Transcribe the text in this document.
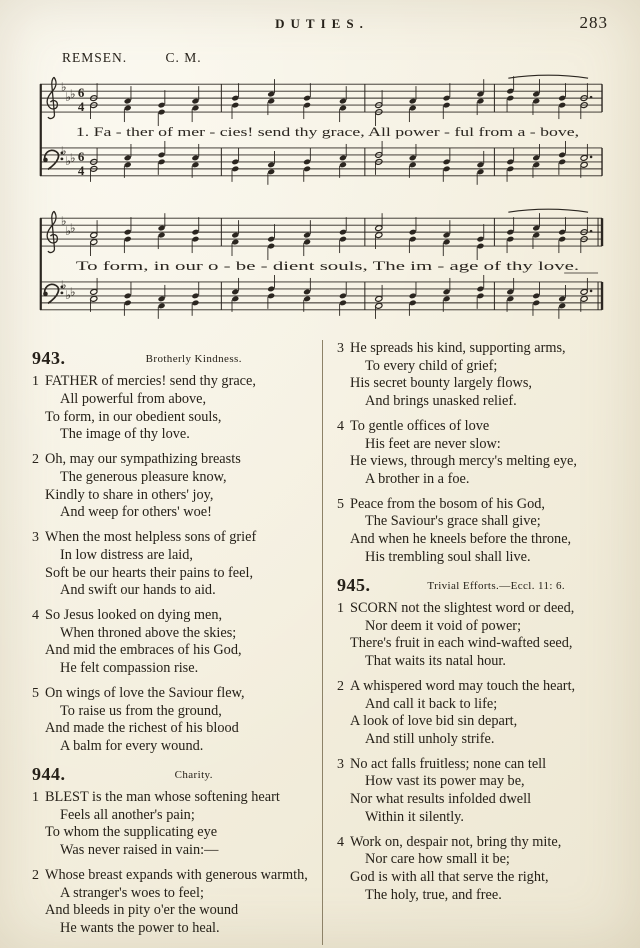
DUTIES.	283
REMSEN.	C. M.
♭
♭
♭
♭
♭
♭
6
4
6
4
1. Fa - ther of mer - cies! send thy grace, All power - ful from a - bove,
♭
♭
♭
♭
♭
♭
To form, in our o - be - dient souls, The im - age of thy love.
943.	Brotherly Kindness.
1 FATHER of mercies! send thy grace,
All powerful from above,
To form, in our obedient souls,
The image of thy love.
2 Oh, may our sympathizing breasts
The generous pleasure know,
Kindly to share in others' joy,
And weep for others' woe!
3 When the most helpless sons of grief
In low distress are laid,
Soft be our hearts their pains to feel,
And swift our hands to aid.
4 So Jesus looked on dying men,
When throned above the skies;
And mid the embraces of his God,
He felt compassion rise.
5 On wings of love the Saviour flew,
To raise us from the ground,
And made the richest of his blood
A balm for every wound.
944.	Charity.
1 BLEST is the man whose softening heart
Feels all another's pain;
To whom the supplicating eye
Was never raised in vain:—
2 Whose breast expands with generous warmth,
A stranger's woes to feel;
And bleeds in pity o'er the wound
He wants the power to heal.
3 He spreads his kind, supporting arms,
To every child of grief;
His secret bounty largely flows,
And brings unasked relief.
4 To gentle offices of love
His feet are never slow:
He views, through mercy's melting eye,
A brother in a foe.
5 Peace from the bosom of his God,
The Saviour's grace shall give;
And when he kneels before the throne,
His trembling soul shall live.
945.	Trivial Efforts.—Eccl. 11: 6.
1 SCORN not the slightest word or deed,
Nor deem it void of power;
There's fruit in each wind-wafted seed,
That waits its natal hour.
2 A whispered word may touch the heart,
And call it back to life;
A look of love bid sin depart,
And still unholy strife.
3 No act falls fruitless; none can tell
How vast its power may be,
Nor what results infolded dwell
Within it silently.
4 Work on, despair not, bring thy mite,
Nor care how small it be;
God is with all that serve the right,
The holy, true, and free.
